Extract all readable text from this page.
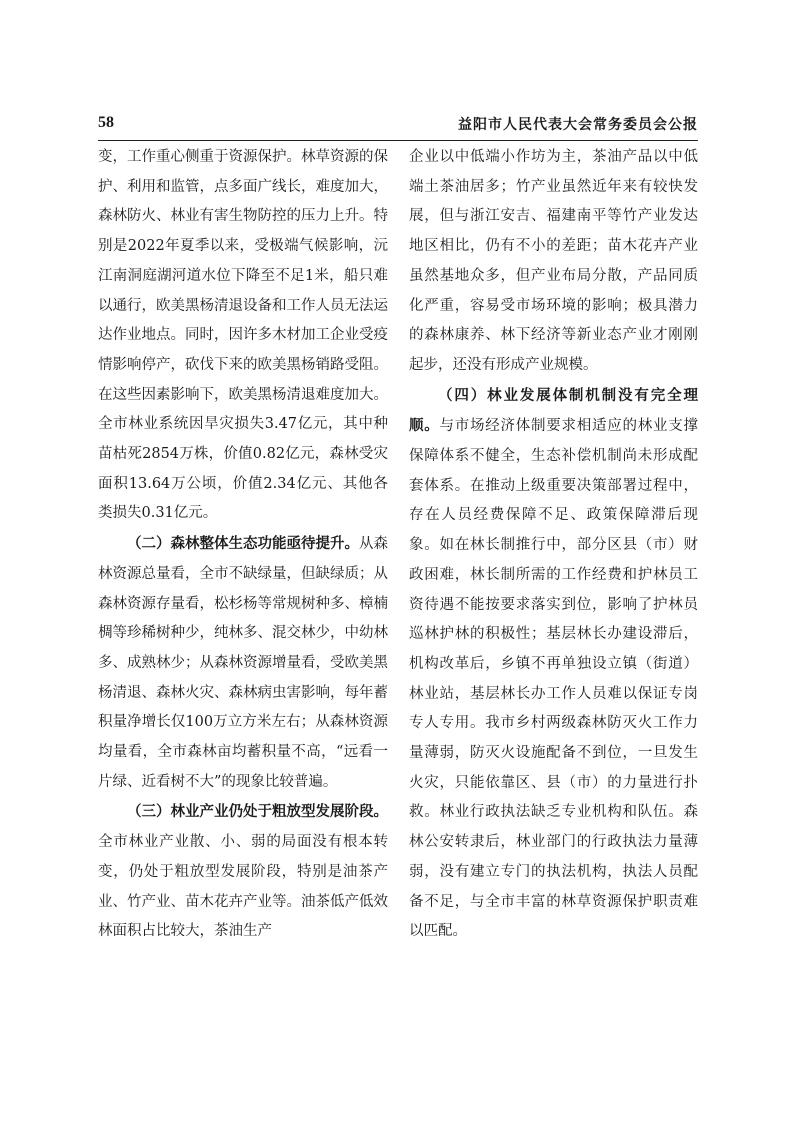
58	益阳市人民代表大会常务委员会公报

变，工作重心侧重于资源保护。林草资源的保护、利用和监管，点多面广线长，难度加大，森林防火、林业有害生物防控的压力上升。特别是2022年夏季以来，受极端气候影响，沅江南洞庭湖河道水位下降至不足1米，船只难以通行，欧美黑杨清退设备和工作人员无法运达作业地点。同时，因许多木材加工企业受疫情影响停产，砍伐下来的欧美黑杨销路受阻。在这些因素影响下，欧美黑杨清退难度加大。全市林业系统因旱灾损失3.47亿元，其中种苗枯死2854万株，价值0.82亿元，森林受灾面积13.64万公顷，价值2.34亿元、其他各类损失0.31亿元。

（二）森林整体生态功能亟待提升。从森林资源总量看，全市不缺绿量，但缺绿质；从森林资源存量看，松杉杨等常规树种多、樟楠椆等珍稀树种少，纯林多、混交林少，中幼林多、成熟林少；从森林资源增量看，受欧美黑杨清退、森林火灾、森林病虫害影响，每年蓄积量净增长仅100万立方米左右；从森林资源均量看，全市森林亩均蓄积量不高，“远看一片绿、近看树不大”的现象比较普遍。

（三）林业产业仍处于粗放型发展阶段。全市林业产业散、小、弱的局面没有根本转变，仍处于粗放型发展阶段，特别是油茶产业、竹产业、苗木花卉产业等。油茶低产低效林面积占比较大，茶油生产

企业以中低端小作坊为主，茶油产品以中低端土茶油居多；竹产业虽然近年来有较快发展，但与浙江安吉、福建南平等竹产业发达地区相比，仍有不小的差距；苗木花卉产业虽然基地众多，但产业布局分散，产品同质化严重，容易受市场环境的影响；极具潜力的森林康养、林下经济等新业态产业才刚刚起步，还没有形成产业规模。

（四）林业发展体制机制没有完全理顺。与市场经济体制要求相适应的林业支撑保障体系不健全，生态补偿机制尚未形成配套体系。在推动上级重要决策部署过程中，存在人员经费保障不足、政策保障滞后现象。如在林长制推行中，部分区县（市）财政困难，林长制所需的工作经费和护林员工资待遇不能按要求落实到位，影响了护林员巡林护林的积极性；基层林长办建设滞后，机构改革后，乡镇不再单独设立镇（街道）林业站，基层林长办工作人员难以保证专岗专人专用。我市乡村两级森林防灭火工作力量薄弱，防灭火设施配备不到位，一旦发生火灾，只能依靠区、县（市）的力量进行扑救。林业行政执法缺乏专业机构和队伍。森林公安转隶后，林业部门的行政执法力量薄弱，没有建立专门的执法机构，执法人员配备不足，与全市丰富的林草资源保护职责难以匹配。
